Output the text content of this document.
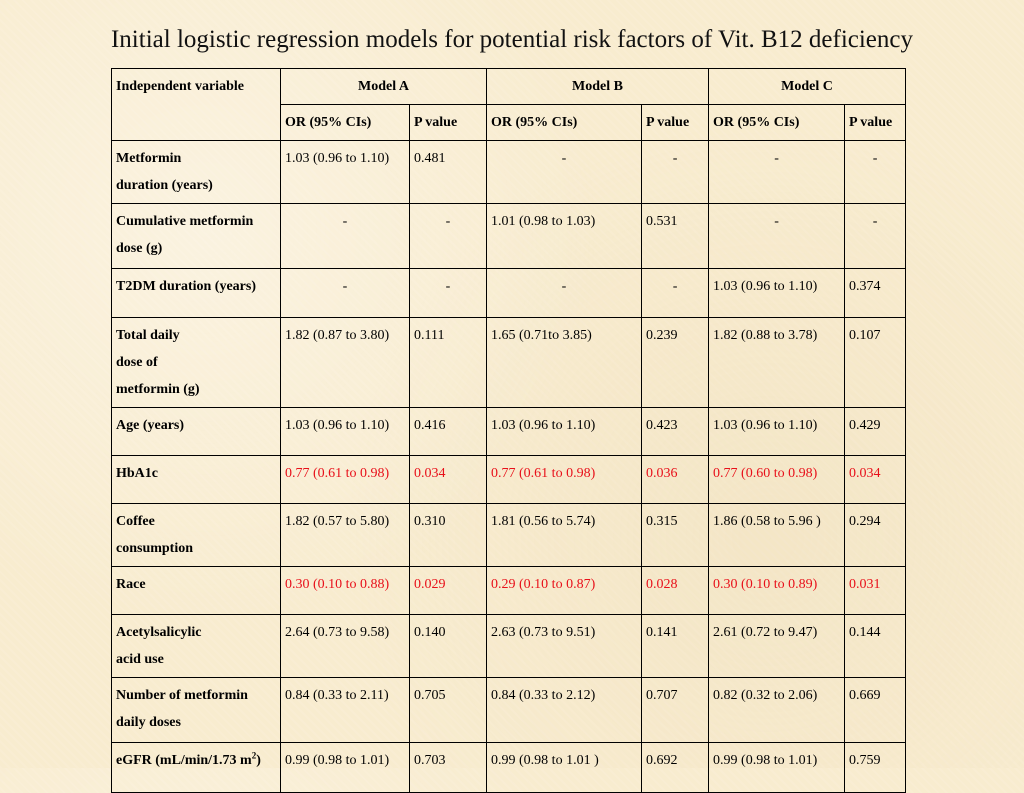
Initial logistic regression models for potential risk factors of Vit. B12 deficiency
Independent variable	Model A		Model B		Model C	
	OR (95% CIs)	P value	OR (95% CIs)	P value	OR (95% CIs)	P value
Metformin
duration (years)	1.03 (0.96 to 1.10)	0.481	-	-	-	-
Cumulative metformin
dose (g)	-	-	1.01 (0.98 to 1.03)	0.531	-	-
T2DM duration (years)	-	-	-	-	1.03 (0.96 to 1.10)	0.374
Total daily
dose of
metformin (g)	1.82 (0.87 to 3.80)	0.111	1.65 (0.71to 3.85)	0.239	1.82 (0.88 to 3.78)	0.107
Age (years)	1.03 (0.96 to 1.10)	0.416	1.03 (0.96 to 1.10)	0.423	1.03 (0.96 to 1.10)	0.429
HbA1c	0.77 (0.61 to 0.98)	0.034	0.77 (0.61 to 0.98)	0.036	0.77 (0.60 to 0.98)	0.034
Coffee
consumption	1.82 (0.57 to 5.80)	0.310	1.81 (0.56 to 5.74)	0.315	1.86 (0.58 to 5.96 )	0.294
Race	0.30 (0.10 to 0.88)	0.029	0.29 (0.10 to 0.87)	0.028	0.30 (0.10 to 0.89)	0.031
Acetylsalicylic
acid use	2.64 (0.73 to 9.58)	0.140	2.63 (0.73 to 9.51)	0.141	2.61 (0.72 to 9.47)	0.144
Number of metformin
daily doses	0.84 (0.33 to 2.11)	0.705	0.84 (0.33 to 2.12)	0.707	0.82 (0.32 to 2.06)	0.669
eGFR (mL/min/1.73 $m^2$)	0.99 (0.98 to 1.01)	0.703	0.99 (0.98 to 1.01 )	0.692	0.99 (0.98 to 1.01)	0.759
